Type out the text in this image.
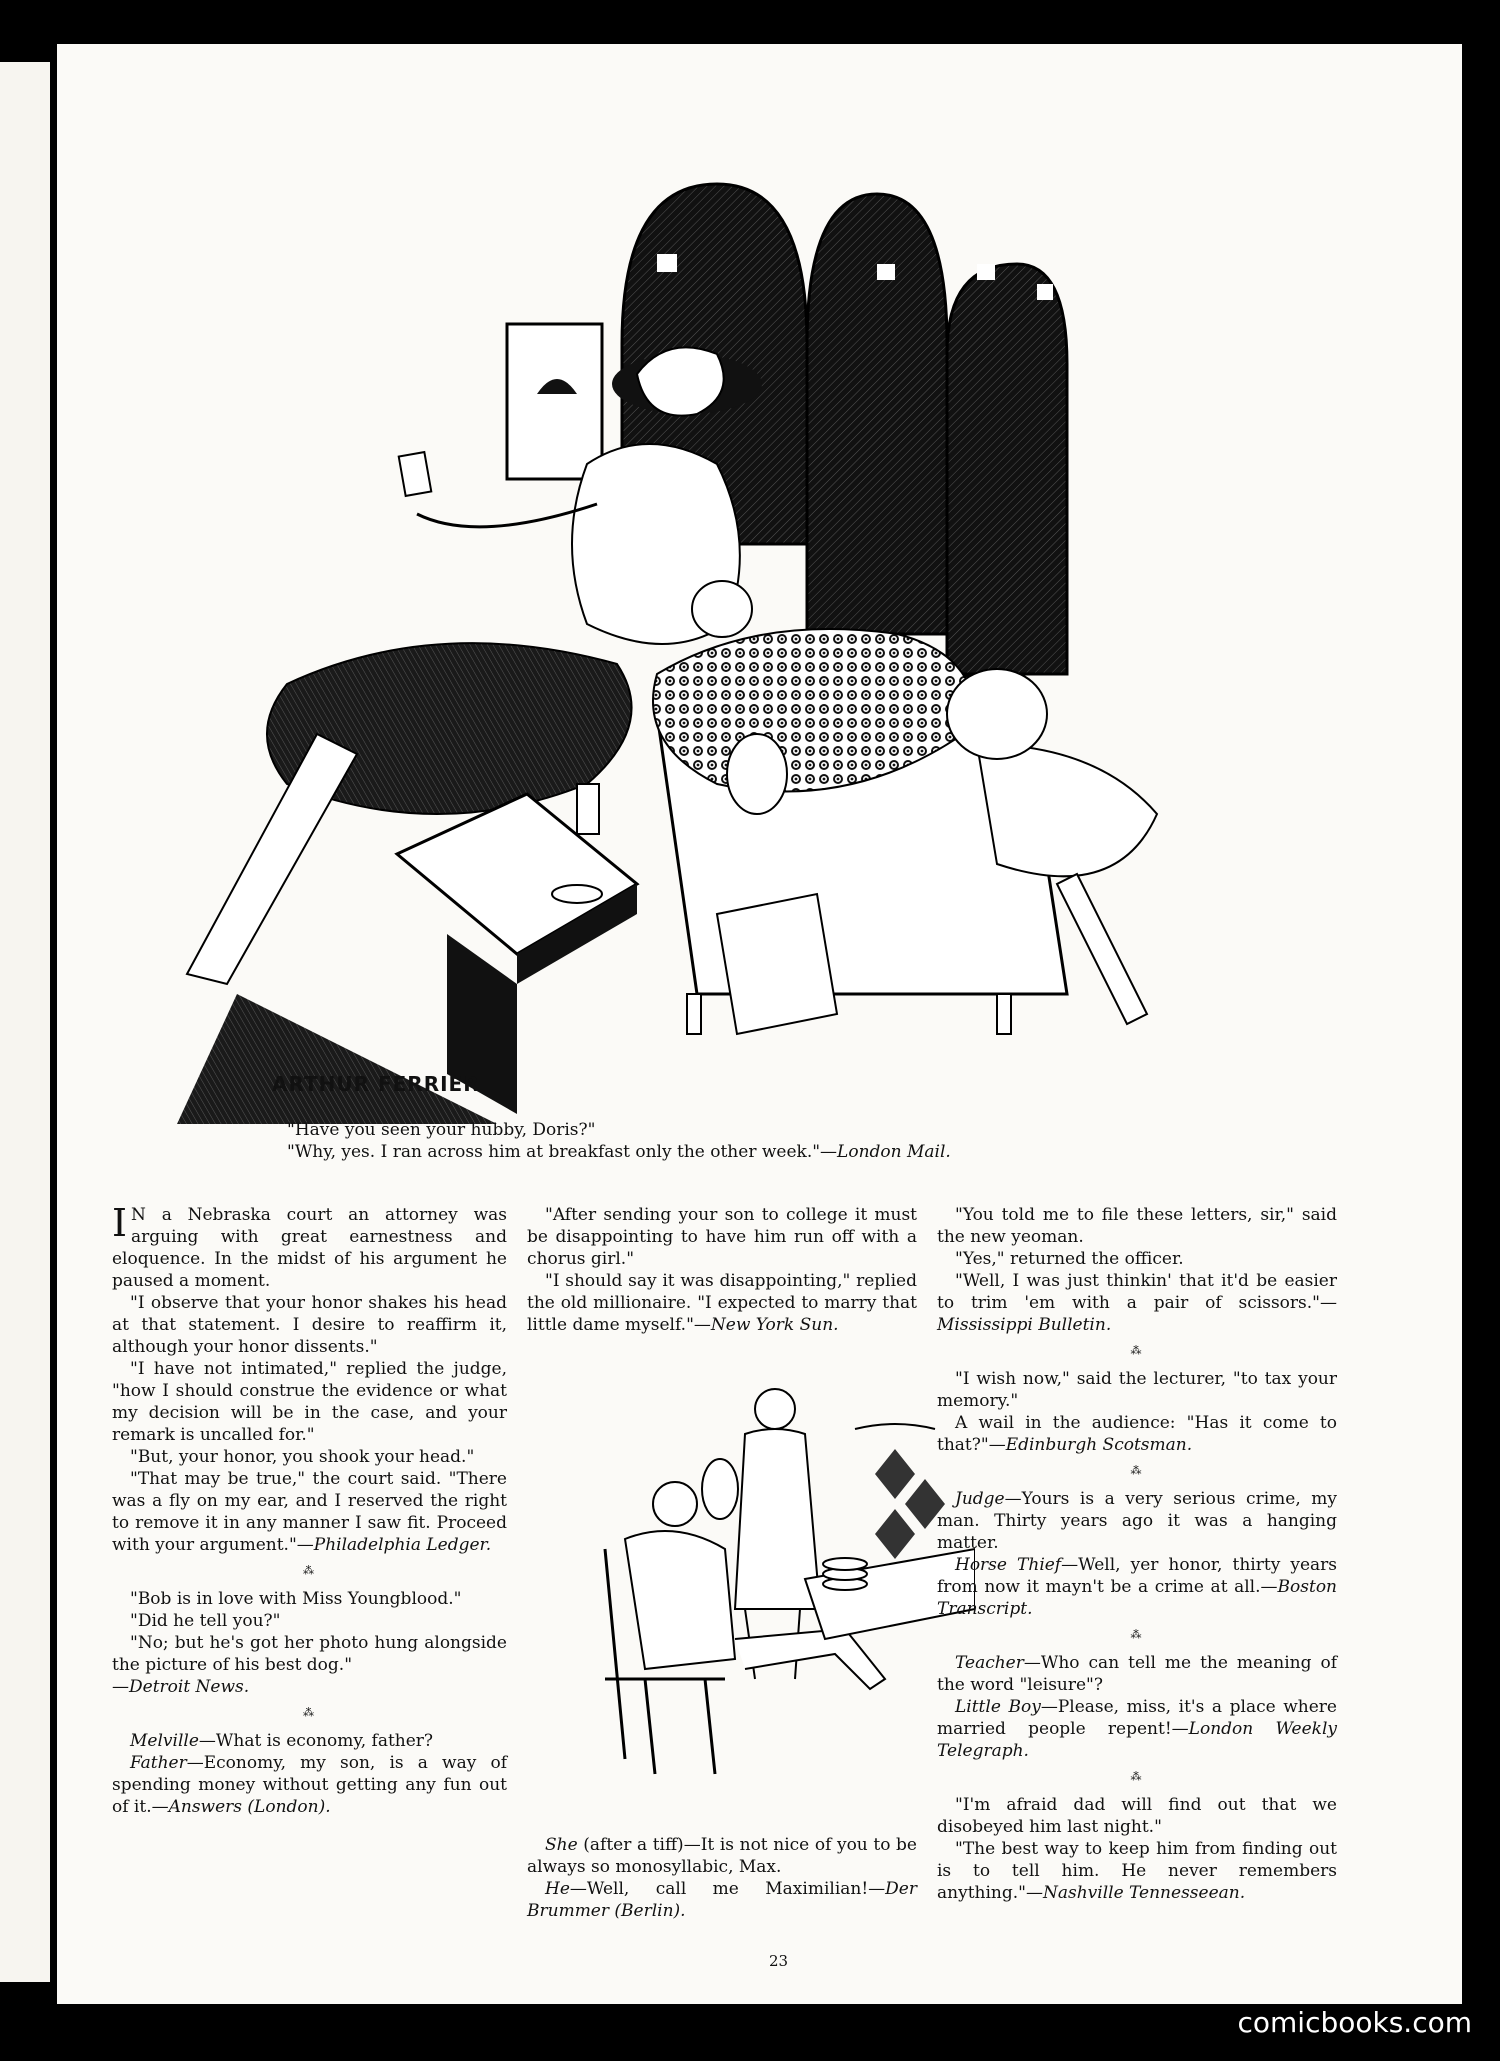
ARTHUR FERRIER
"Have you seen your hubby, Doris?"
"Why, yes. I ran across him at breakfast only the other week."—London Mail.

I N a Nebraska court an attorney was arguing with great earnestness and eloquence. In the midst of his argument he paused a moment.

"I observe that your honor shakes his head at that statement. I desire to reaffirm it, although your honor dissents."

"I have not intimated," replied the judge, "how I should construe the evidence or what my decision will be in the case, and your remark is uncalled for."

"But, your honor, you shook your head."

"That may be true," the court said. "There was a fly on my ear, and I reserved the right to remove it in any manner I saw fit. Proceed with your argument."—Philadelphia Ledger.

⁂

"Bob is in love with Miss Youngblood."

"Did he tell you?"

"No; but he's got her photo hung alongside the picture of his best dog."

—Detroit News.

⁂

Melville—What is economy, father?

Father—Economy, my son, is a way of spending money without getting any fun out of it.—Answers (London).

"After sending your son to college it must be disappointing to have him run off with a chorus girl."

"I should say it was disappointing," replied the old millionaire. "I expected to marry that little dame myself."—New York Sun.

She (after a tiff)—It is not nice of you to be always so monosyllabic, Max.

He—Well, call me Maximilian!—Der Brummer (Berlin).

"You told me to file these letters, sir," said the new yeoman.

"Yes," returned the officer.

"Well, I was just thinkin' that it'd be easier to trim 'em with a pair of scissors."—Mississippi Bulletin.

⁂

"I wish now," said the lecturer, "to tax your memory."

A wail in the audience: "Has it come to that?"—Edinburgh Scotsman.

⁂

Judge—Yours is a very serious crime, my man. Thirty years ago it was a hanging matter.

Horse Thief—Well, yer honor, thirty years from now it mayn't be a crime at all.—Boston Transcript.

⁂

Teacher—Who can tell me the meaning of the word "leisure"?

Little Boy—Please, miss, it's a place where married people repent!—London Weekly Telegraph.

⁂

"I'm afraid dad will find out that we disobeyed him last night."

"The best way to keep him from finding out is to tell him. He never remembers anything."—Nashville Tennesseean.

23
comicbooks.com
